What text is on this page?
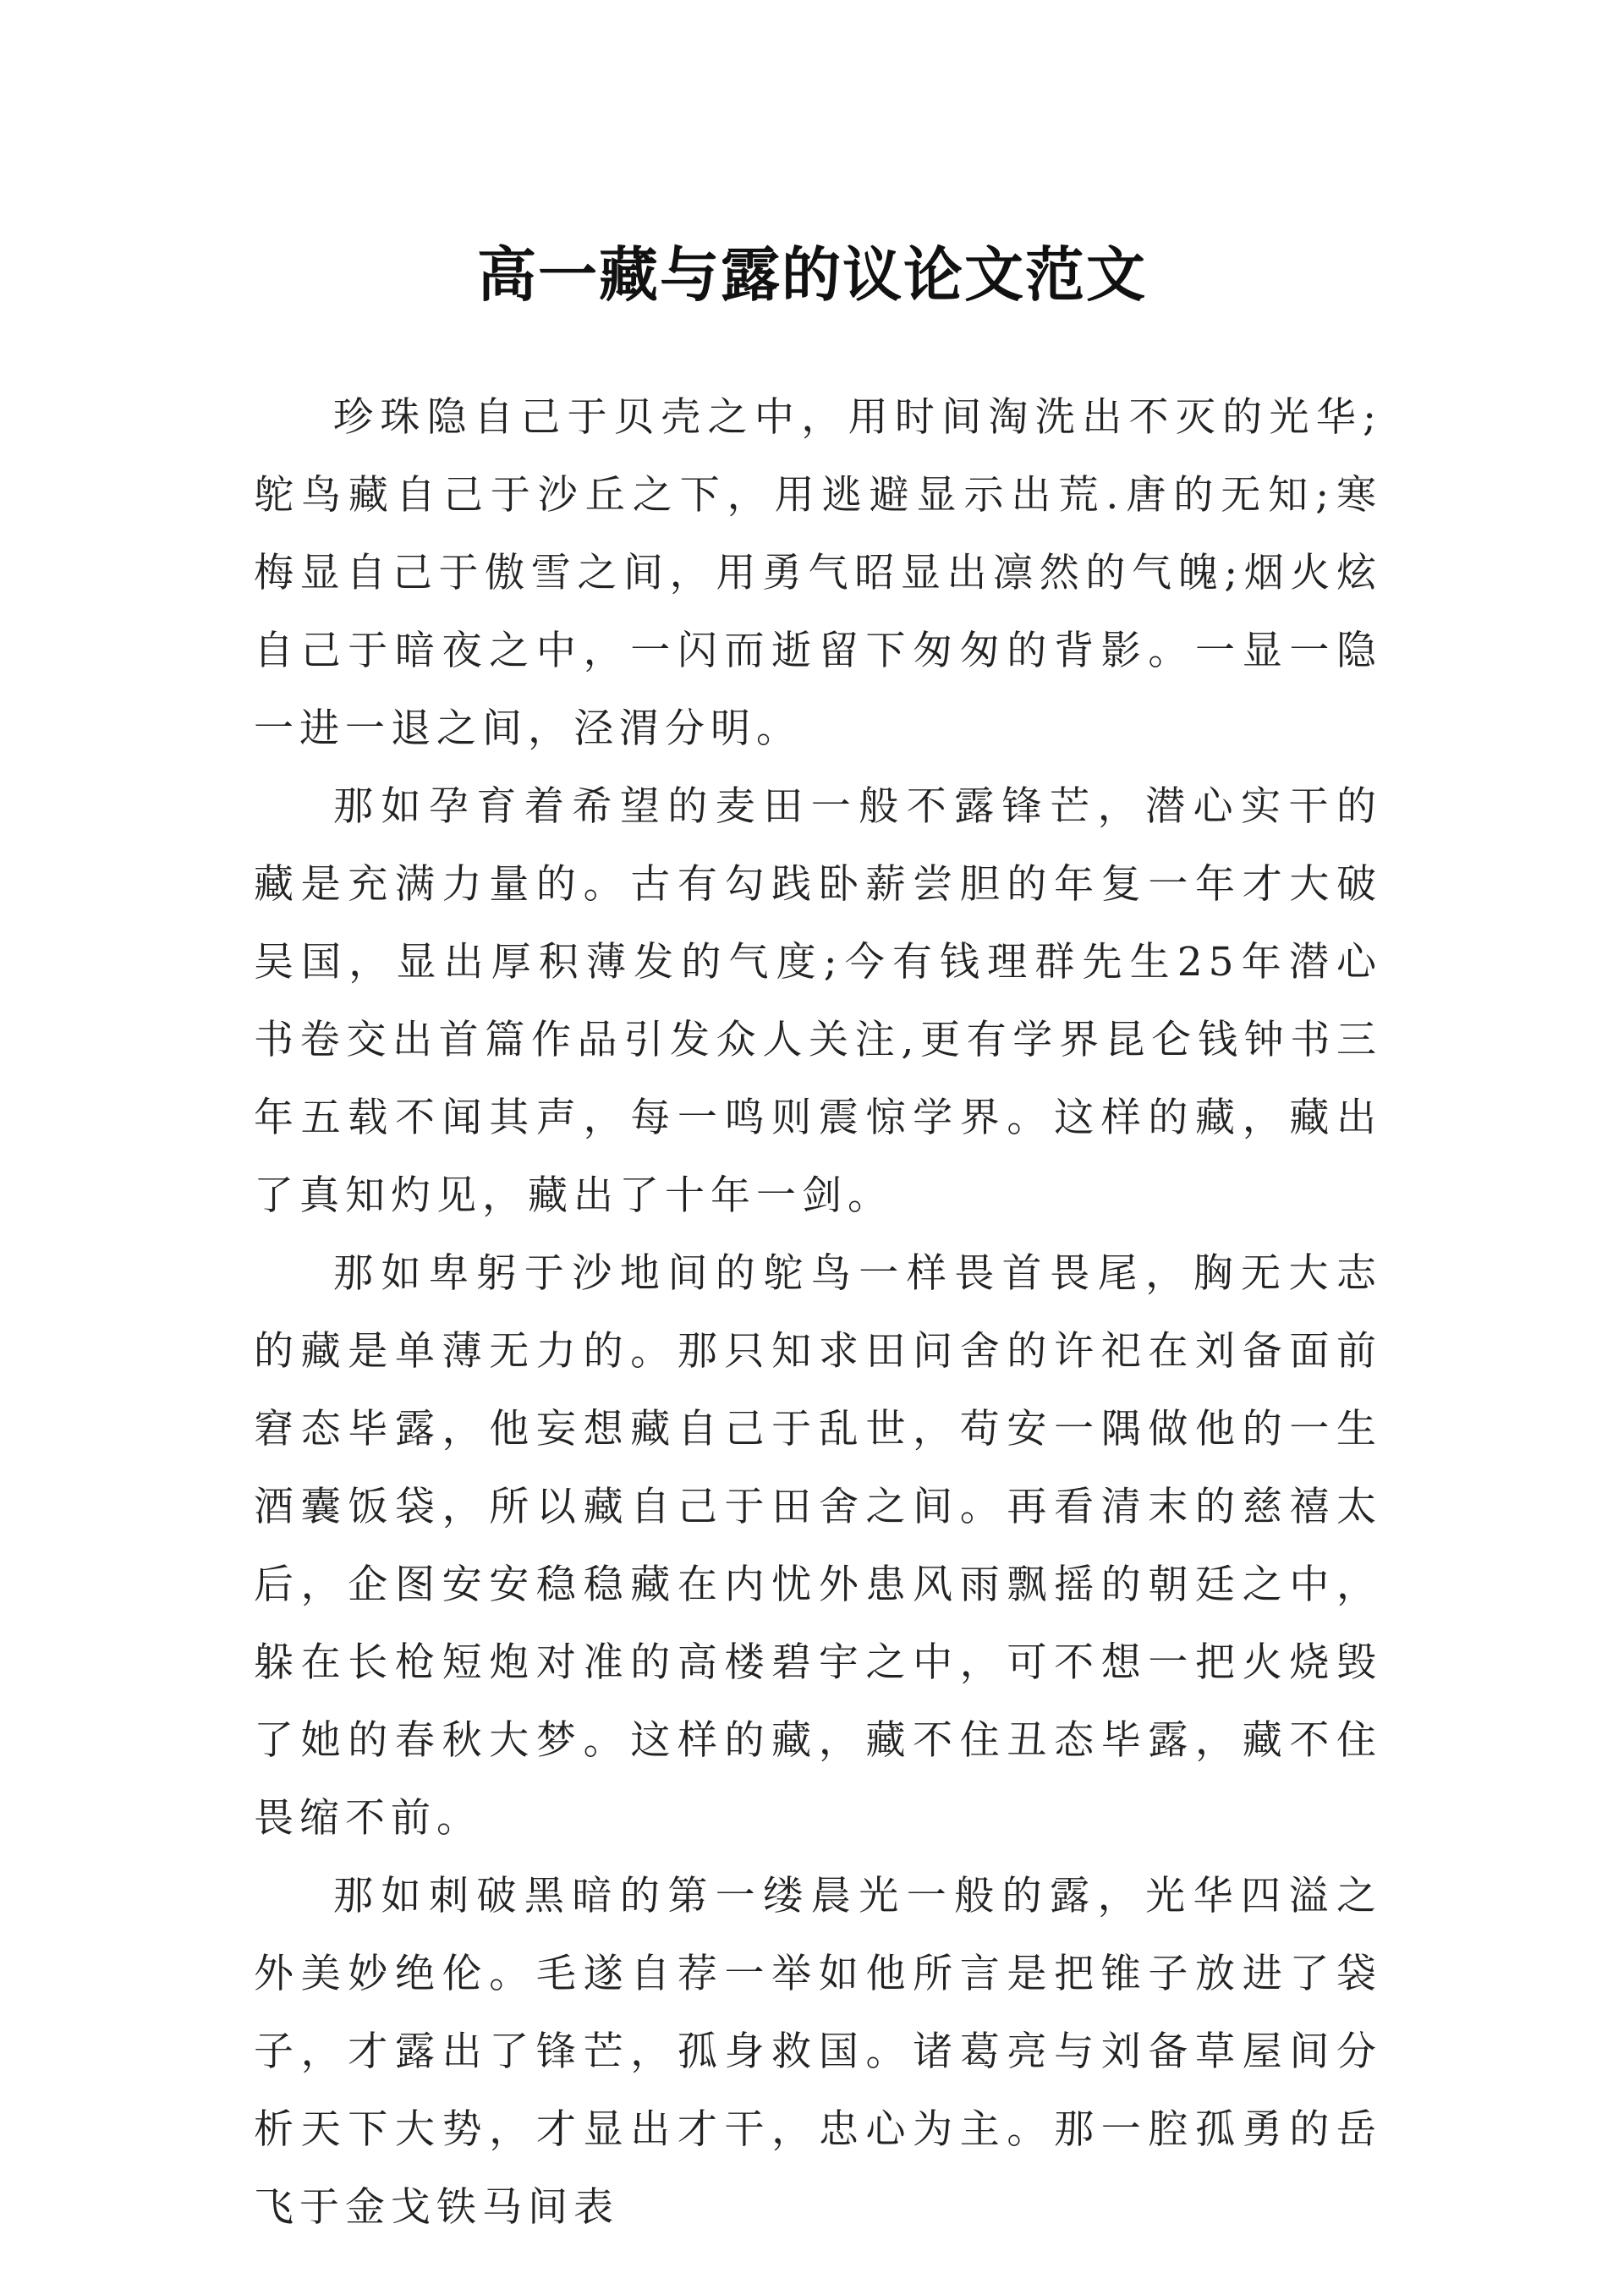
高一藏与露的议论文范文

珍珠隐自己于贝壳之中，用时间淘洗出不灭的光华;鸵鸟藏自己于沙丘之下，用逃避显示出荒.唐的无知;寒梅显自己于傲雪之间，用勇气昭显出凛然的气魄;烟火炫自己于暗夜之中，一闪而逝留下匆匆的背影。一显一隐一进一退之间，泾渭分明。

那如孕育着希望的麦田一般不露锋芒，潜心实干的藏是充满力量的。古有勾践卧薪尝胆的年复一年才大破吴国，显出厚积薄发的气度;今有钱理群先生25年潜心书卷交出首篇作品引发众人关注,更有学界昆仑钱钟书三年五载不闻其声，每一鸣则震惊学界。这样的藏，藏出了真知灼见，藏出了十年一剑。

那如卑躬于沙地间的鸵鸟一样畏首畏尾，胸无大志的藏是单薄无力的。那只知求田问舍的许祀在刘备面前窘态毕露，他妄想藏自己于乱世，苟安一隅做他的一生酒囊饭袋，所以藏自己于田舍之间。再看清末的慈禧太后，企图安安稳稳藏在内忧外患风雨飘摇的朝廷之中，躲在长枪短炮对准的高楼碧宇之中，可不想一把火烧毁了她的春秋大梦。这样的藏，藏不住丑态毕露，藏不住畏缩不前。

那如刺破黑暗的第一缕晨光一般的露，光华四溢之外美妙绝伦。毛遂自荐一举如他所言是把锥子放进了袋子，才露出了锋芒，孤身救国。诸葛亮与刘备草屋间分析天下大势，才显出才干，忠心为主。那一腔孤勇的岳飞于金戈铁马间表
